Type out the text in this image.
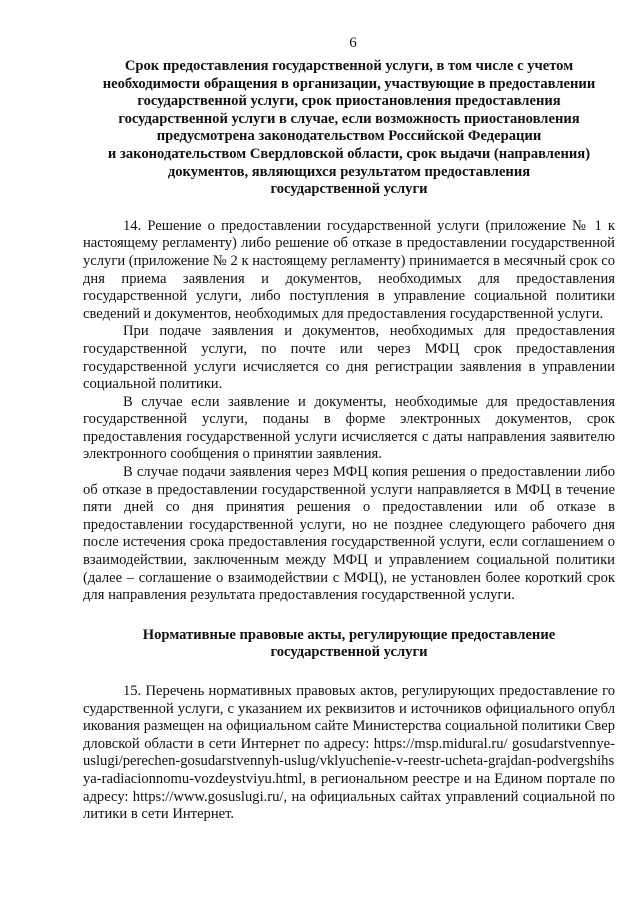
6
Срок предоставления государственной услуги, в том числе с учетом
необходимости обращения в организации, участвующие в предоставлении
государственной услуги, срок приостановления предоставления
государственной услуги в случае, если возможность приостановления
предусмотрена законодательством Российской Федерации
и законодательством Свердловской области, срок выдачи (направления)
документов, являющихся результатом предоставления
государственной услуги

14. Решение о предоставлении государственной услуги (приложение № 1 к настоящему регламенту) либо решение об отказе в предоставлении государственной услуги (приложение № 2 к настоящему регламенту) принимается в месячный срок со дня приема заявления и документов, необходимых для предоставления государственной услуги, либо поступления в управление социальной политики сведений и документов, необходимых для предоставления государственной услуги.

При подаче заявления и документов, необходимых для предоставления государственной услуги, по почте или через МФЦ срок предоставления государственной услуги исчисляется со дня регистрации заявления в управлении социальной политики.

В случае если заявление и документы, необходимые для предоставления государственной услуги, поданы в форме электронных документов, срок предоставления государственной услуги исчисляется с даты направления заявителю электронного сообщения о принятии заявления.

В случае подачи заявления через МФЦ копия решения о предоставлении либо об отказе в предоставлении государственной услуги направляется в МФЦ в течение пяти дней со дня принятия решения о предоставлении или об отказе в предоставлении государственной услуги, но не позднее следующего рабочего дня после истечения срока предоставления государственной услуги, если соглашением о взаимодействии, заключенным между МФЦ и управлением социальной политики (далее – соглашение о взаимодействии с МФЦ), не установлен более короткий срок для направления результата предоставления государственной услуги.

Нормативные правовые акты, регулирующие предоставление
государственной услуги

15. Перечень нормативных правовых актов, регулирующих предоставление государственной услуги, с указанием их реквизитов и источников официального опубликования размещен на официальном сайте Министерства социальной политики Свердловской области в сети Интернет по адресу: https://msp.midural.ru/ gosudarstvennye-uslugi/perechen-gosudarstvennyh-uslug/vklyuchenie-v-reestr-ucheta-grajdan-podvergshihsya-radiacionnomu-vozdeystviyu.html, в региональном реестре и на Едином портале по адресу: https://www.gosuslugi.ru/, на официальных сайтах управлений социальной политики в сети Интернет.
